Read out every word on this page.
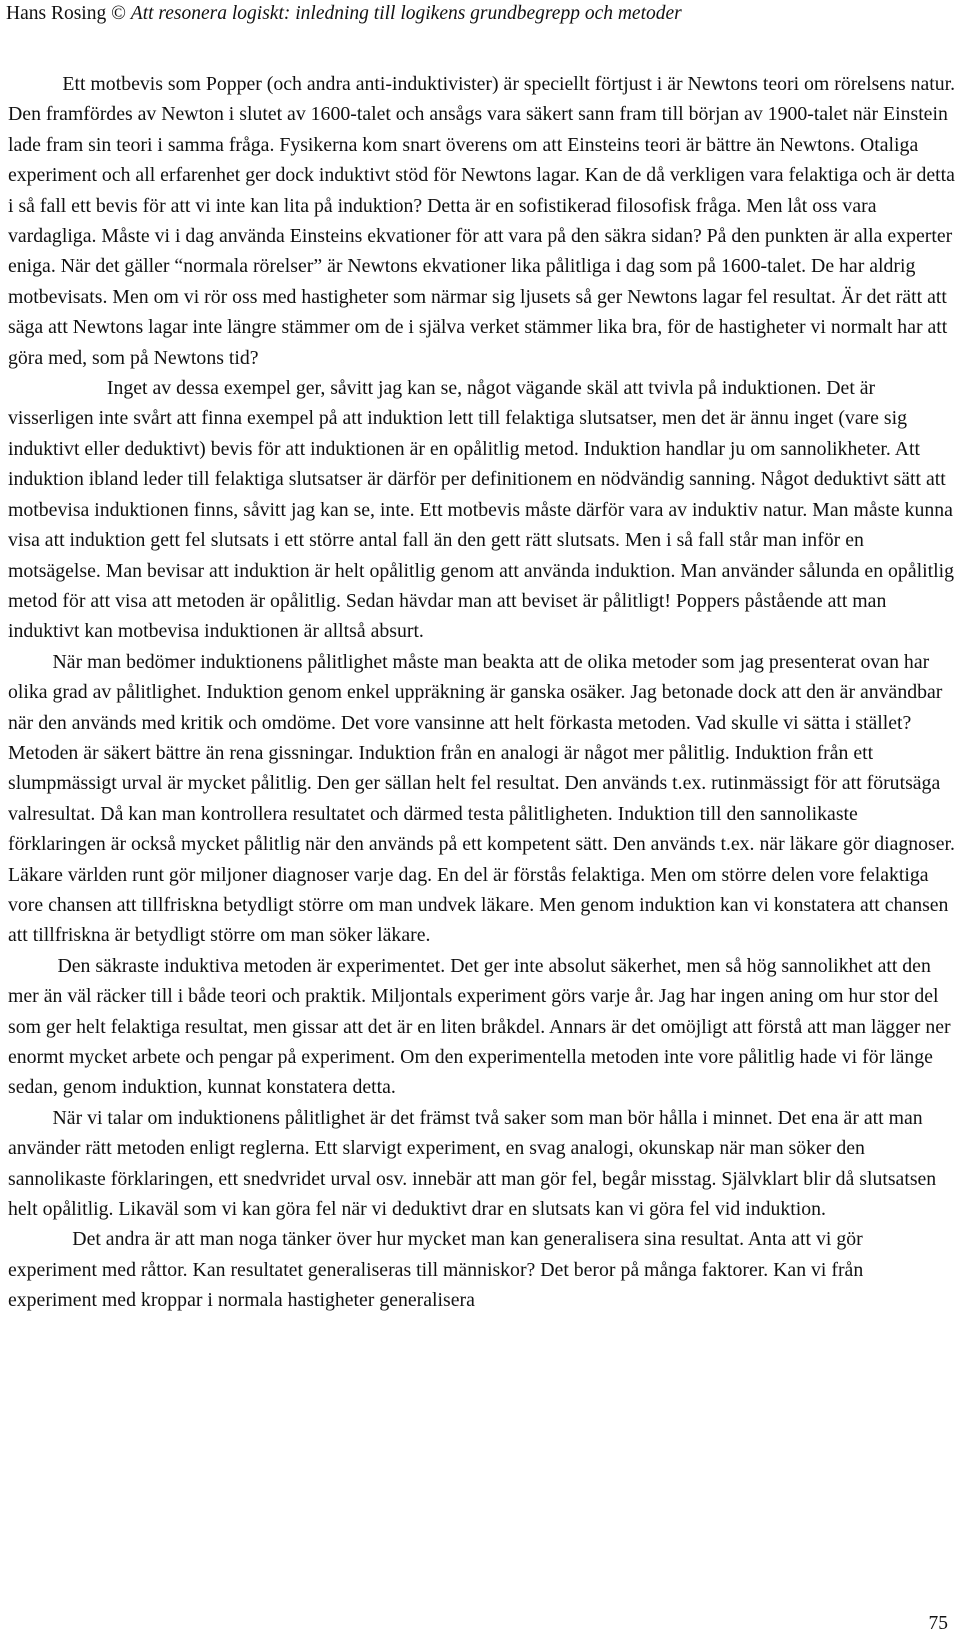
Hans Rosing © Att resonera logiskt: inledning till logikens grundbegrepp och metoder

Ett motbevis som Popper (och andra anti-induktivister) är speciellt förtjust i är Newtons teori om rörelsens natur. Den framfördes av Newton i slutet av 1600-talet och ansågs vara säkert sann fram till början av 1900-talet när Einstein lade fram sin teori i samma fråga. Fysikerna kom snart överens om att Einsteins teori är bättre än Newtons. Otaliga experiment och all erfarenhet ger dock induktivt stöd för Newtons lagar. Kan de då verkligen vara felaktiga och är detta i så fall ett bevis för att vi inte kan lita på induktion? Detta är en sofistikerad filosofisk fråga. Men låt oss vara vardagliga. Måste vi i dag använda Einsteins ekvationer för att vara på den säkra sidan? På den punkten är alla experter eniga. När det gäller “normala rörelser” är Newtons ekvationer lika pålitliga i dag som på 1600-talet. De har aldrig motbevisats. Men om vi rör oss med hastigheter som närmar sig ljusets så ger Newtons lagar fel resultat. Är det rätt att säga att Newtons lagar inte längre stämmer om de i själva verket stämmer lika bra, för de hastigheter vi normalt har att göra med, som på Newtons tid?

Inget av dessa exempel ger, såvitt jag kan se, något vägande skäl att tvivla på induktionen. Det är visserligen inte svårt att finna exempel på att induktion lett till felaktiga slutsatser, men det är ännu inget (vare sig induktivt eller deduktivt) bevis för att induktionen är en opålitlig metod. Induktion handlar ju om sannolikheter. Att induktion ibland leder till felaktiga slutsatser är därför per definitionem en nödvändig sanning. Något deduktivt sätt att motbevisa induktionen finns, såvitt jag kan se, inte. Ett motbevis måste därför vara av induktiv natur. Man måste kunna visa att induktion gett fel slutsats i ett större antal fall än den gett rätt slutsats. Men i så fall står man inför en motsägelse. Man bevisar att induktion är helt opålitlig genom att använda induktion. Man använder sålunda en opålitlig metod för att visa att metoden är opålitlig. Sedan hävdar man att beviset är pålitligt! Poppers påstående att man induktivt kan motbevisa induktionen är alltså absurt.

När man bedömer induktionens pålitlighet måste man beakta att de olika metoder som jag presenterat ovan har olika grad av pålitlighet. Induktion genom enkel uppräkning är ganska osäker. Jag betonade dock att den är användbar när den används med kritik och omdöme. Det vore vansinne att helt förkasta metoden. Vad skulle vi sätta i stället? Metoden är säkert bättre än rena gissningar. Induktion från en analogi är något mer pålitlig. Induktion från ett slumpmässigt urval är mycket pålitlig. Den ger sällan helt fel resultat. Den används t.ex. rutinmässigt för att förutsäga valresultat. Då kan man kontrollera resultatet och därmed testa pålitligheten. Induktion till den sannolikaste förklaringen är också mycket pålitlig när den används på ett kompetent sätt. Den används t.ex. när läkare gör diagnoser. Läkare världen runt gör miljoner diagnoser varje dag. En del är förstås felaktiga. Men om större delen vore felaktiga vore chansen att tillfriskna betydligt större om man undvek läkare. Men genom induktion kan vi konstatera att chansen att tillfriskna är betydligt större om man söker läkare.

Den säkraste induktiva metoden är experimentet. Det ger inte absolut säkerhet, men så hög sannolikhet att den mer än väl räcker till i både teori och praktik. Miljontals experiment görs varje år. Jag har ingen aning om hur stor del som ger helt felaktiga resultat, men gissar att det är en liten bråkdel. Annars är det omöjligt att förstå att man lägger ner enormt mycket arbete och pengar på experiment. Om den experimentella metoden inte vore pålitlig hade vi för länge sedan, genom induktion, kunnat konstatera detta.

När vi talar om induktionens pålitlighet är det främst två saker som man bör hålla i minnet. Det ena är att man använder rätt metoden enligt reglerna. Ett slarvigt experiment, en svag analogi, okunskap när man söker den sannolikaste förklaringen, ett snedvridet urval osv. innebär att man gör fel, begår misstag. Självklart blir då slutsatsen helt opålitlig. Likaväl som vi kan göra fel när vi deduktivt drar en slutsats kan vi göra fel vid induktion.

Det andra är att man noga tänker över hur mycket man kan generalisera sina resultat. Anta att vi gör experiment med råttor. Kan resultatet generaliseras till människor? Det beror på många faktorer. Kan vi från experiment med kroppar i normala hastigheter generalisera

75
